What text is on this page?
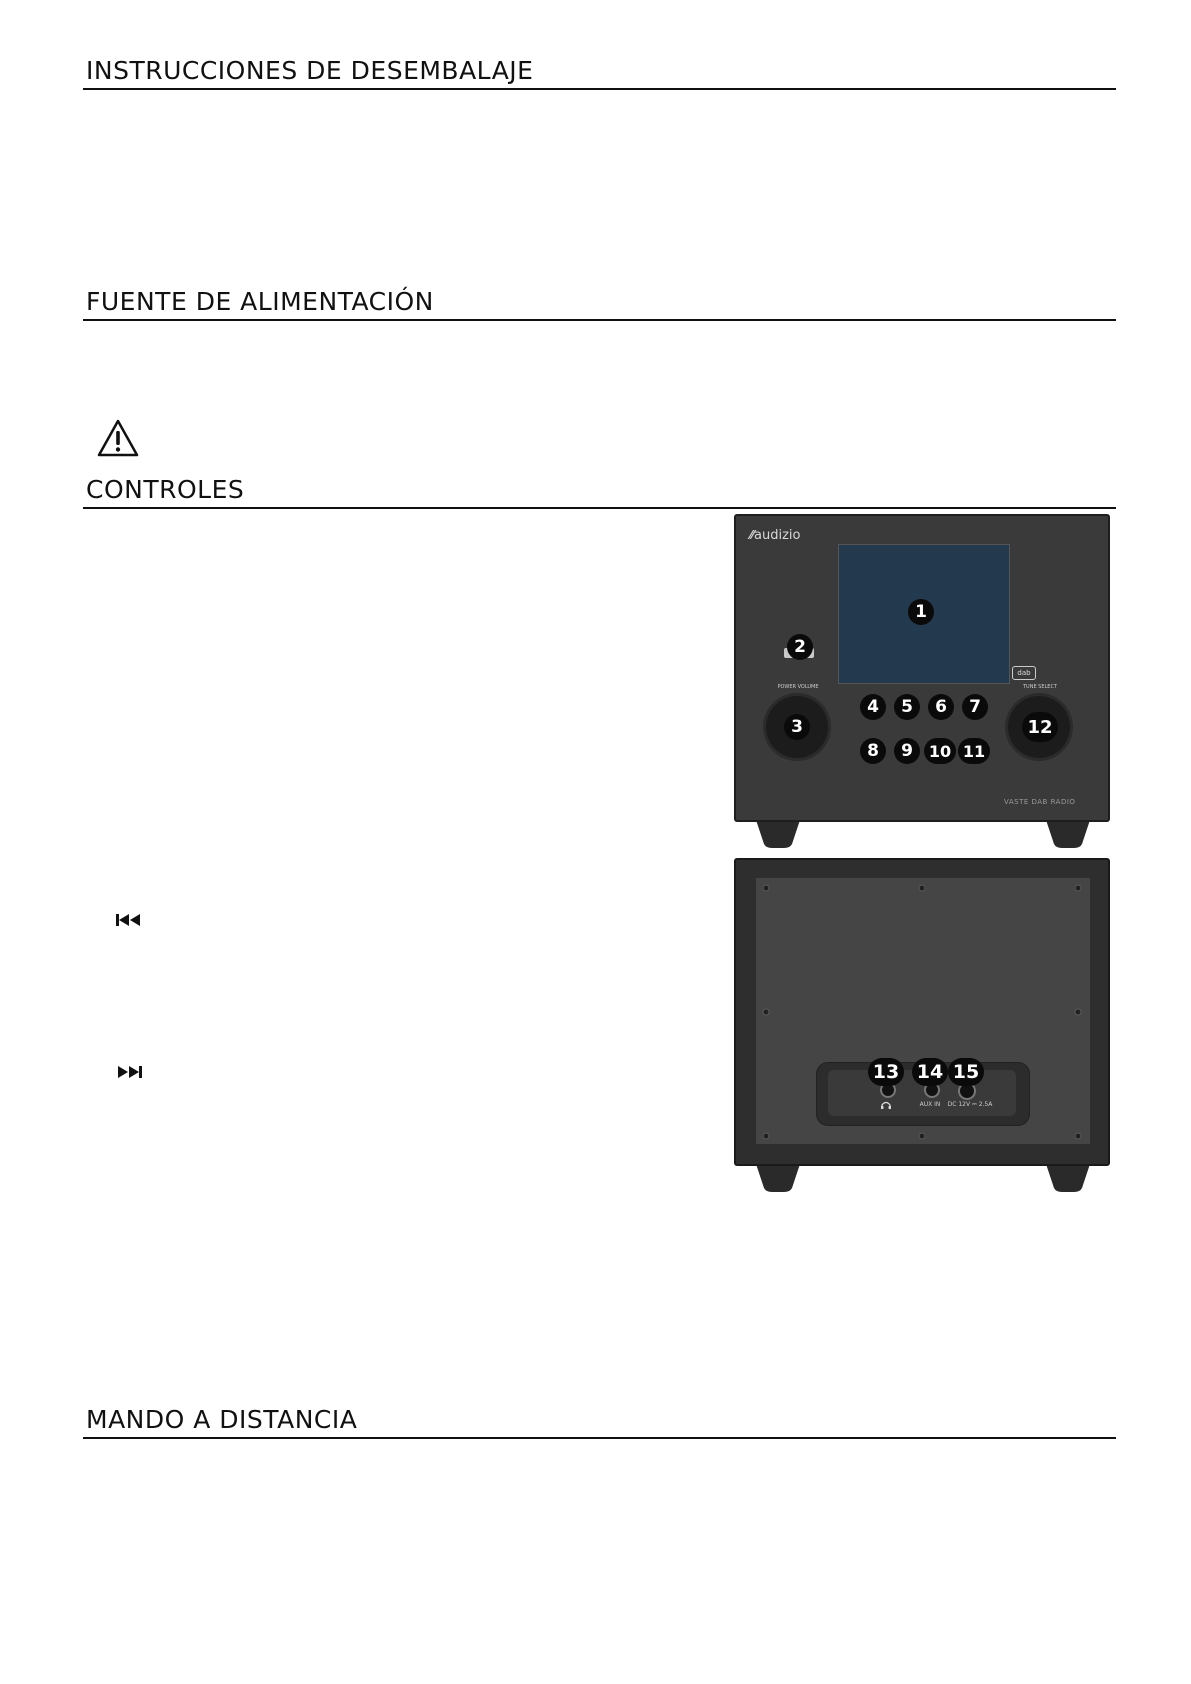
INSTRUCCIONES DE DESEMBALAJE
FUENTE DE ALIMENTACIÓN
CONTROLES
MANDO A DISTANCIA
⁄⁄audizio
dab
POWER VOLUME	TUNE SELECT
VASTE DAB RADIO
1
2
3
4	5	6	7
8	9 10 11
12
AUX IN	DC 12V ⎓ 2.5A
13 14 15
